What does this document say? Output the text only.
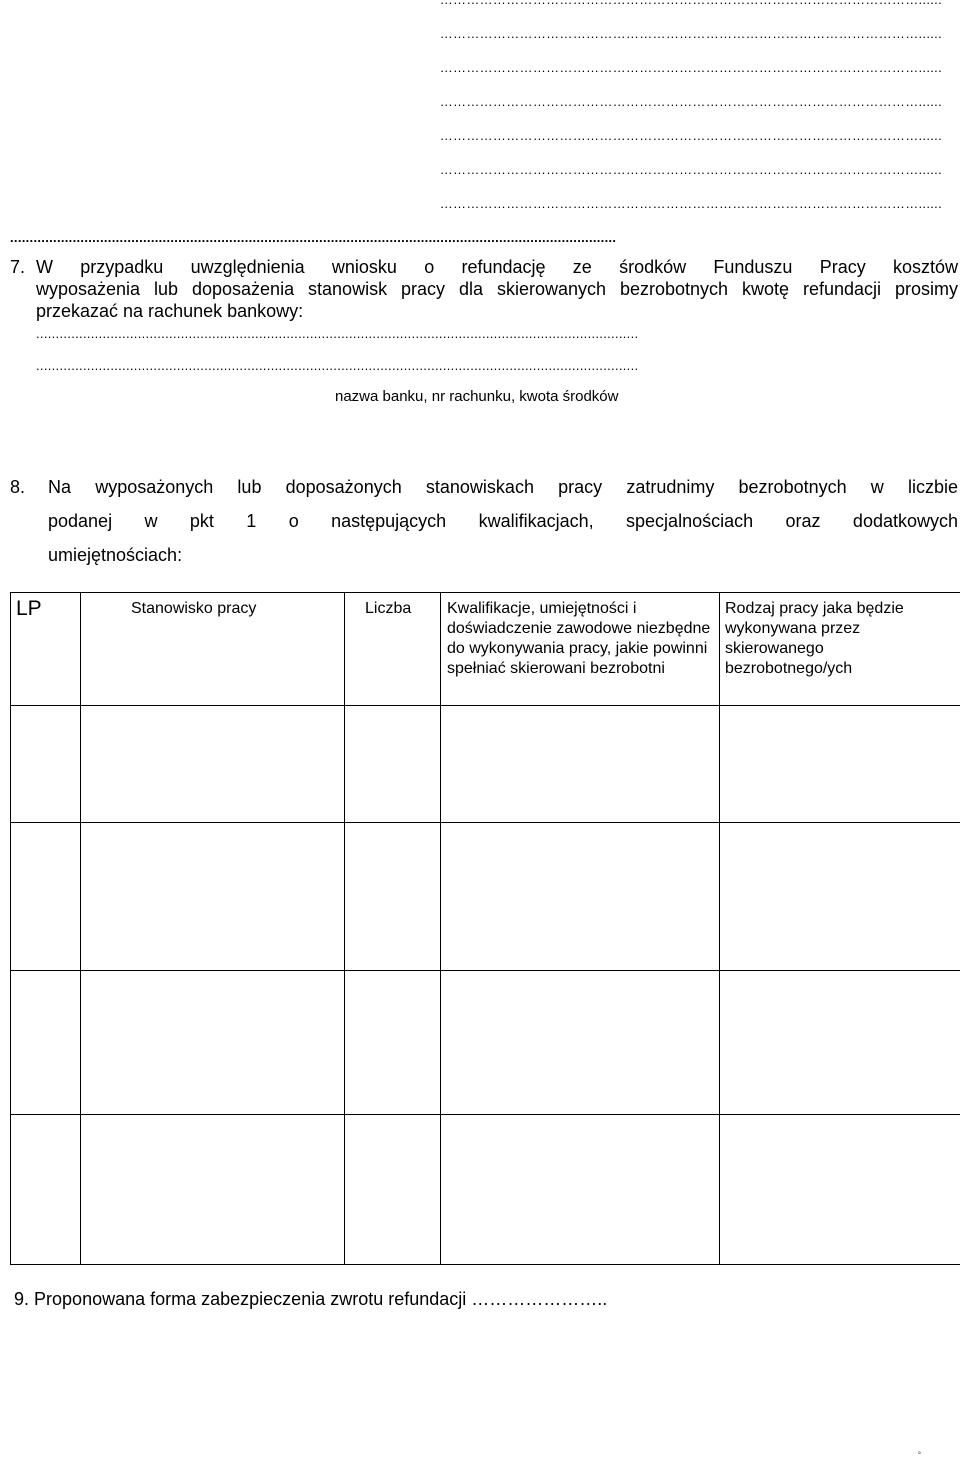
………………………………………………………………………………………………......
………………………………………………………………………………………………......
………………………………………………………………………………………………......
………………………………………………………………………………………………......
………………………………………………………………………………………………......
………………………………………………………………………………………………......
...........................................................................................................................................................
7. W przypadku uwzględnienia wniosku o refundację ze środków Funduszu Pracy kosztów
wyposażenia lub doposażenia stanowisk pracy dla skierowanych bezrobotnych kwotę refundacji prosimy
przekazać na rachunek bankowy:
..........................................................................................................................................................
..........................................................................................................................................................
nazwa banku, nr rachunku, kwota środków
8. Na wyposażonych lub doposażonych stanowiskach pracy zatrudnimy bezrobotnych w liczbie
podanej w pkt 1 o następujących kwalifikacjach, specjalnościach oraz dodatkowych
umiejętnościach:
LP	Stanowisko pracy	Liczba	Kwalifikacje, umiejętności i doświadczenie zawodowe niezbędne do wykonywania pracy, jakie powinni spełniać skierowani bezrobotni	Rodzaj pracy jaka będzie wykonywana przez skierowanego bezrobotnego/ych

9. Proponowana forma zabezpieczenia zwrotu refundacji …………………..
˚
